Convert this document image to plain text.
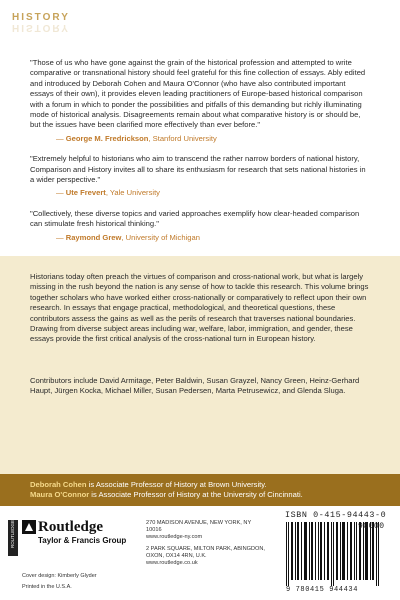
HISTORY
HISTORY
"Those of us who have gone against the grain of the historical profession and attempted to write comparative or transnational history should feel grateful for this fine collection of essays. Ably edited and introduced by Deborah Cohen and Maura O'Connor (who have also contributed important essays of their own), it provides eleven leading practitioners of Europe-based historical comparison with a forum in which to ponder the possibilities and pitfalls of this demanding but richly illuminating mode of historical analysis. Disagreements remain about what comparative history is or should be, but the issues have been clarified more effectively than ever before."
— George M. Fredrickson, Stanford University
"Extremely helpful to historians who aim to transcend the rather narrow borders of national history, Comparison and History invites all to share its enthusiasm for research that sets national histories in a wider perspective."
— Ute Frevert, Yale University
"Collectively, these diverse topics and varied approaches exemplify how clear-headed comparison can stimulate fresh historical thinking."
— Raymond Grew, University of Michigan
Historians today often preach the virtues of comparison and cross-national work, but what is largely missing in the rush beyond the nation is any sense of how to tackle this research. This volume brings together scholars who have worked either cross-nationally or comparatively to reflect upon their own research. In essays that engage practical, methodological, and theoretical questions, these contributors assess the gains as well as the perils of research that traverses national boundaries. Drawing from diverse subject areas including war, welfare, labor, immigration, and gender, these essays provide the first critical analysis of the cross-national turn in European history.
Contributors include David Armitage, Peter Baldwin, Susan Grayzel, Nancy Green, Heinz-Gerhard Haupt, Jürgen Kocka, Michael Miller, Susan Pedersen, Marta Petrusewicz, and Glenda Sluga.
Deborah Cohen is Associate Professor of History at Brown University.
Maura O'Connor is Associate Professor of History at the University of Cincinnati.
ROUTLEDGE Routledge
Taylor & Francis Group
Cover design: Kimberly Glyder
Printed in the U.S.A.
270 MADISON AVENUE, NEW YORK, NY 10016
www.routledge-ny.com
2 PARK SQUARE, MILTON PARK, ABINGDON,
OXON, OX14 4RN, U.K.
www.routledge.co.uk
ISBN 0-415-94443-0
90000
9 780415 944434
